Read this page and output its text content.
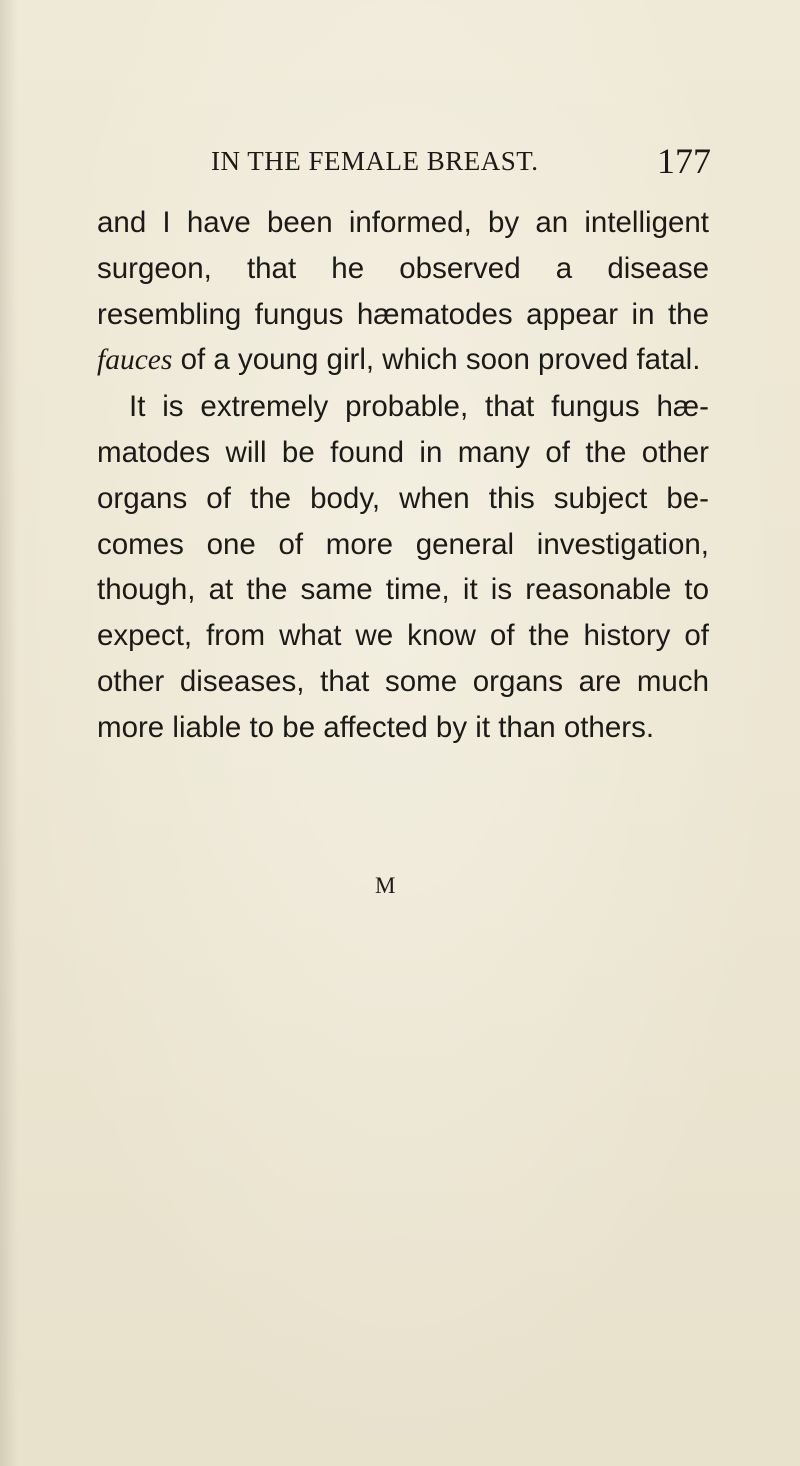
IN THE FEMALE BREAST.	177

and I have been informed, by an intelligent surgeon, that he observed a disease resembling fungus hæmatodes appear in the fauces of a young girl, which soon proved fatal.

It is extremely probable, that fungus hæ-matodes will be found in many of the other organs of the body, when this subject be-comes one of more general investigation, though, at the same time, it is reasonable to expect, from what we know of the history of other diseases, that some organs are much more liable to be affected by it than others.

M
